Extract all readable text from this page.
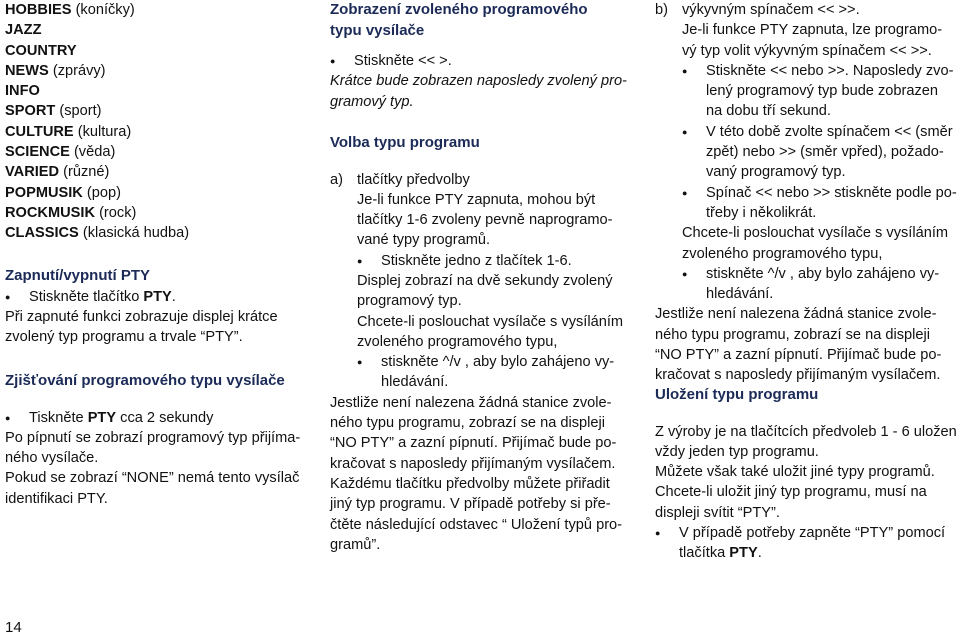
HOBBIES (koníčky)

JAZZ

COUNTRY

NEWS (zprávy)

INFO

SPORT (sport)

CULTURE (kultura)

SCIENCE (věda)

VARIED (různé)

POPMUSIK (pop)

ROCKMUSIK (rock)

CLASSICS (klasická hudba)

Zapnutí/vypnutí PTY

● Stiskněte tlačítko PTY.

Při zapnuté funkci zobrazuje displej krátce

zvolený typ programu a trvale “PTY”.

Zjišťování programového typu vysílače

● Tiskněte PTY cca 2 sekundy

Po pípnutí se zobrazí programový typ přijíma-

ného vysílače.

Pokud se zobrazí “NONE” nemá tento vysílač

identifikaci PTY.

Zobrazení zvoleného programového

typu vysílače

● Stiskněte << >.

Krátce bude zobrazen naposledy zvolený pro-

gramový typ.

Volba typu programu

a) tlačítky předvolby

Je-li funkce PTY zapnuta, mohou být

tlačítky 1-6 zvoleny pevně naprogramo-

vané typy programů.

● Stiskněte jedno z tlačítek 1-6.

Displej zobrazí na dvě sekundy zvolený

programový typ.

Chcete-li poslouchat vysílače s vysíláním

zvoleného programového typu,

● stiskněte ^/v , aby bylo zahájeno vy-

hledávání.

Jestliže není nalezena žádná stanice zvole-

ného typu programu, zobrazí se na displeji

“NO PTY” a zazní pípnutí. Přijímač bude po-

kračovat s naposledy přijímaným vysílačem.

Každému tlačítku předvolby můžete přiřadit

jiný typ programu. V případě potřeby si pře-

čtěte následující odstavec “ Uložení typů pro-

gramů”.

b) výkyvným spínačem << >>.

Je-li funkce PTY zapnuta, lze programo-

vý typ volit výkyvným spínačem << >>.

● Stiskněte << nebo >>. Naposledy zvo-

lený programový typ bude zobrazen

na dobu tří sekund.

● V této době zvolte spínačem << (směr

zpět) nebo >> (směr vpřed), požado-

vaný programový typ.

● Spínač << nebo >> stiskněte podle po-

třeby i několikrát.

Chcete-li poslouchat vysílače s vysíláním

zvoleného programového typu,

● stiskněte ^/v , aby bylo zahájeno vy-

hledávání.

Jestliže není nalezena žádná stanice zvole-

ného typu programu, zobrazí se na displeji

“NO PTY” a zazní pípnutí. Přijímač bude po-

kračovat s naposledy přijímaným vysílačem.

Uložení typu programu

Z výroby je na tlačítcích předvoleb 1 - 6 uložen

vždy jeden typ programu.

Můžete však také uložit jiné typy programů.

Chcete-li uložit jiný typ programu, musí na

displeji svítit “PTY”.

● V případě potřeby zapněte “PTY” pomocí

tlačítka PTY.

14
